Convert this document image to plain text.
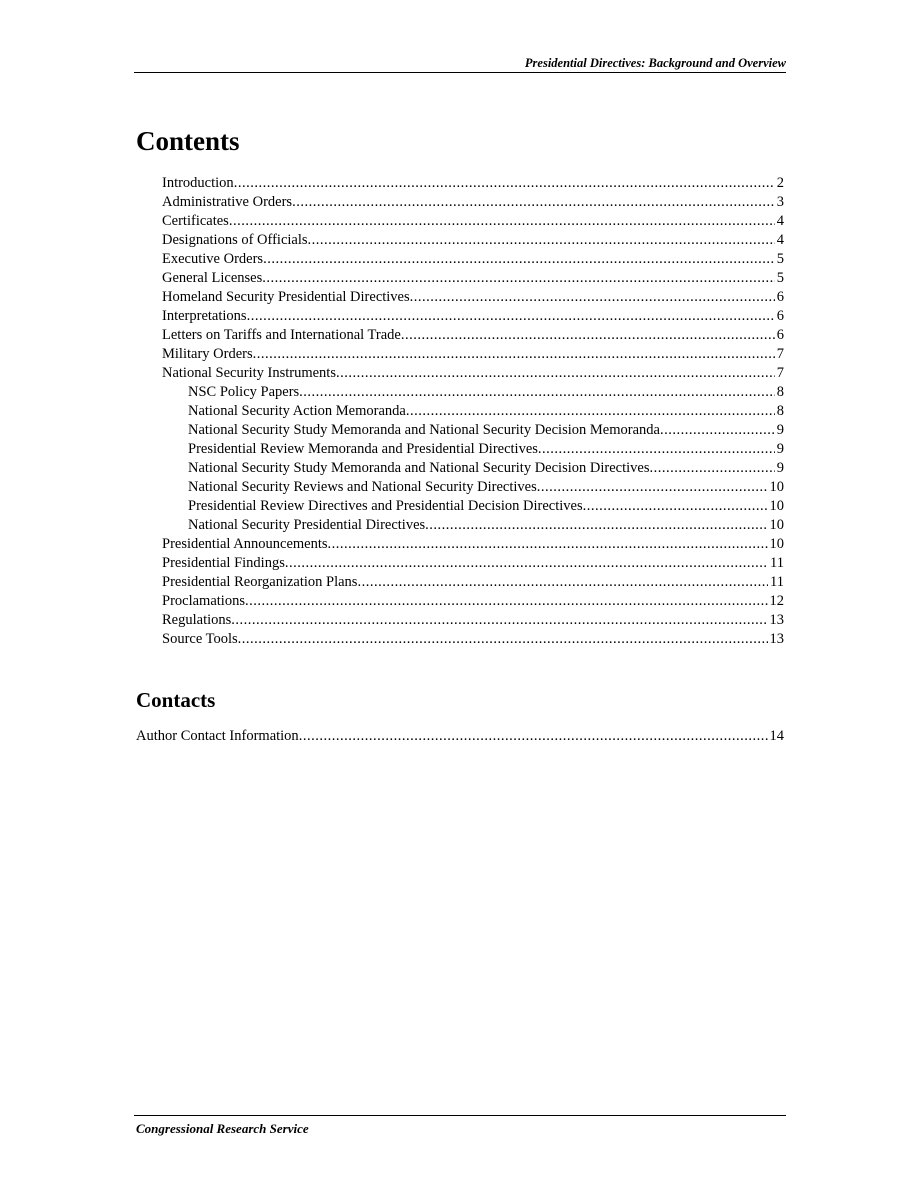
Presidential Directives: Background and Overview
Contents
Introduction .....	2
Administrative Orders .....	3
Certificates .....	4
Designations of Officials .....	4
Executive Orders .....	5
General Licenses .....	5
Homeland Security Presidential Directives .....	6
Interpretations .....	6
Letters on Tariffs and International Trade .....	6
Military Orders .....	7
National Security Instruments .....	7
NSC Policy Papers .....	8
National Security Action Memoranda .....	8
National Security Study Memoranda and National Security Decision Memoranda .....	9
Presidential Review Memoranda and Presidential Directives .....	9
National Security Study Memoranda and National Security Decision Directives .....	9
National Security Reviews and National Security Directives .....	10
Presidential Review Directives and Presidential Decision Directives .....	10
National Security Presidential Directives .....	10
Presidential Announcements .....	10
Presidential Findings .....	11
Presidential Reorganization Plans .....	11
Proclamations .....	12
Regulations .....	13
Source Tools .....	13
Contacts
Author Contact Information .....	14
Congressional Research Service
